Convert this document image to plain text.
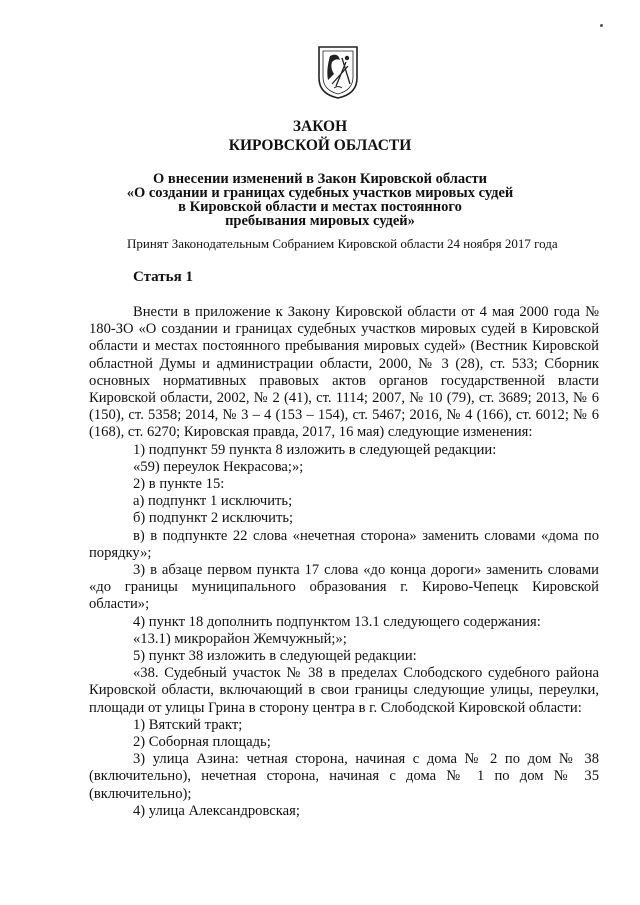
ЗАКОН
КИРОВСКОЙ ОБЛАСТИ
О внесении изменений в Закон Кировской области
«О создании и границах судебных участков мировых судей
в Кировской области и местах постоянного
пребывания мировых судей»
Принят Законодательным Собранием Кировской области 24 ноября 2017 года
Статья 1

Внести в приложение к Закону Кировской области от 4 мая 2000 года № 180-ЗО «О создании и границах судебных участков мировых судей в Кировской области и местах постоянного пребывания мировых судей» (Вестник Кировской областной Думы и администрации области, 2000, № 3 (28), ст. 533; Сборник основных нормативных правовых актов органов государственной власти Кировской области, 2002, № 2 (41), ст. 1114; 2007, № 10 (79), ст. 3689; 2013, № 6 (150), ст. 5358; 2014, № 3 – 4 (153 – 154), ст. 5467; 2016, № 4 (166), ст. 6012; № 6 (168), ст. 6270; Кировская правда, 2017, 16 мая) следующие изменения:

1) подпункт 59 пункта 8 изложить в следующей редакции:

«59) переулок Некрасова;»;

2) в пункте 15:

а) подпункт 1 исключить;

б) подпункт 2 исключить;

в) в подпункте 22 слова «нечетная сторона» заменить словами «дома по порядку»;

3) в абзаце первом пункта 17 слова «до конца дороги» заменить словами «до границы муниципального образования г. Кирово-Чепецк Кировской области»;

4) пункт 18 дополнить подпунктом 13.1 следующего содержания:

«13.1) микрорайон Жемчужный;»;

5) пункт 38 изложить в следующей редакции:

«38. Судебный участок № 38 в пределах Слободского судебного района Кировской области, включающий в свои границы следующие улицы, переулки, площади от улицы Грина в сторону центра в г. Слободской Кировской области:

1) Вятский тракт;

2) Соборная площадь;

3) улица Азина: четная сторона, начиная с дома № 2 по дом № 38 (включительно), нечетная сторона, начиная с дома № 1 по дом № 35 (включительно);

4) улица Александровская;
